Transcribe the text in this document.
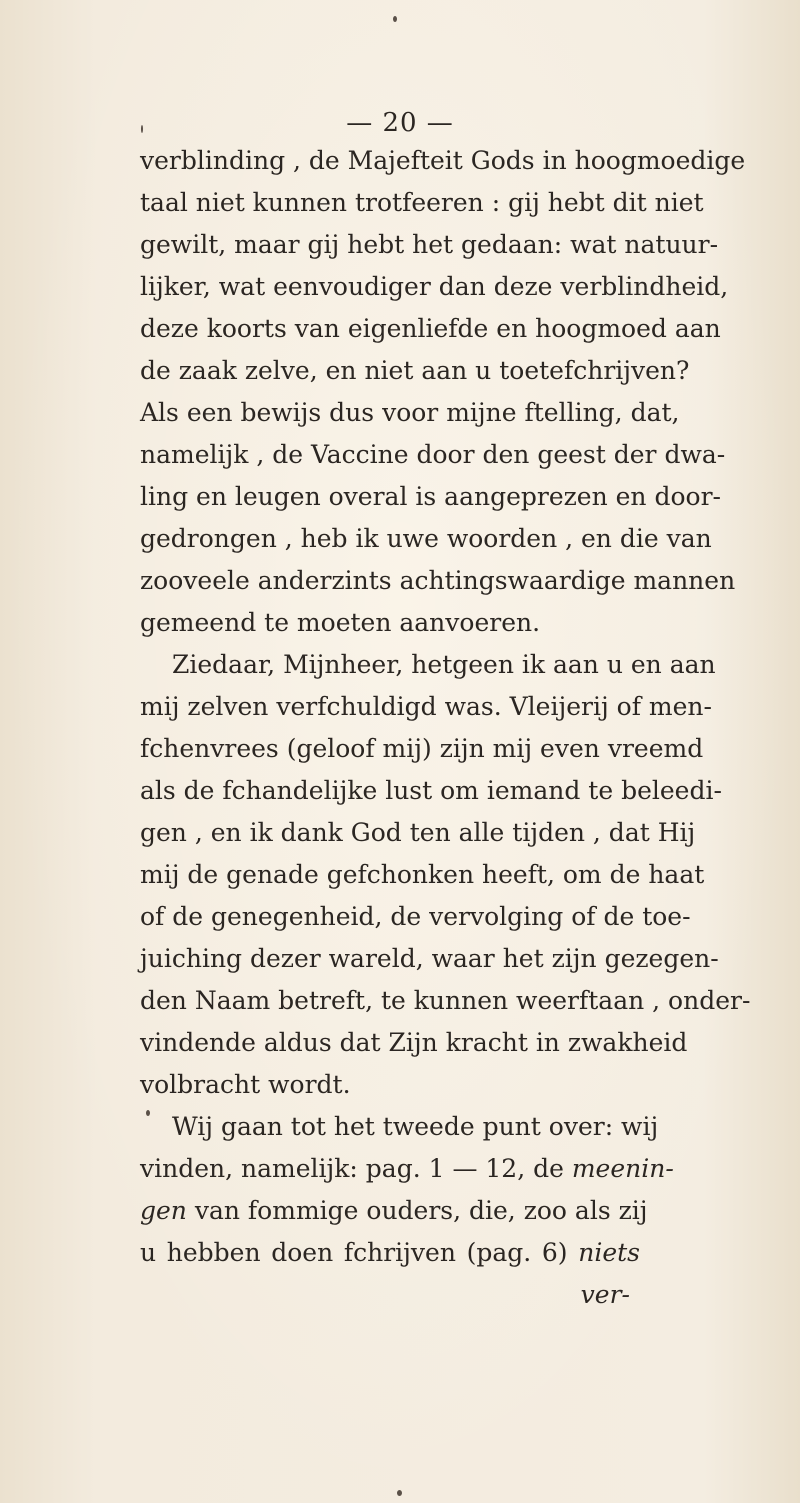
— 20 —
verblinding , de Majefteit Gods in hoogmoedige
taal niet kunnen trotfeeren : gij hebt dit niet
gewilt, maar gij hebt het gedaan: wat natuur-
lijker, wat eenvoudiger dan deze verblindheid,
deze koorts van eigenliefde en hoogmoed aan
de zaak zelve, en niet aan u toetefchrijven?
Als een bewijs dus voor mijne ftelling, dat,
namelijk , de Vaccine door den geest der dwa-
ling en leugen overal is aangeprezen en door-
gedrongen , heb ik uwe woorden , en die van
zooveele anderzints achtingswaardige mannen
gemeend te moeten aanvoeren.
Ziedaar, Mijnheer, hetgeen ik aan u en aan
mij zelven verfchuldigd was. Vleijerij of men-
fchenvrees (geloof mij) zijn mij even vreemd
als de fchandelijke lust om iemand te beleedi-
gen , en ik dank God ten alle tijden , dat Hij
mij de genade gefchonken heeft, om de haat
of de genegenheid, de vervolging of de toe-
juiching dezer wareld, waar het zijn gezegen-
den Naam betreft, te kunnen weerftaan , onder-
vindende aldus dat Zijn kracht in zwakheid
volbracht wordt.
Wij gaan tot het tweede punt over: wij
vinden, namelijk: pag. 1 — 12, de meenin-
gen van fommige ouders, die, zoo als zij
u hebben doen fchrijven (pag. 6) niets
ver-
